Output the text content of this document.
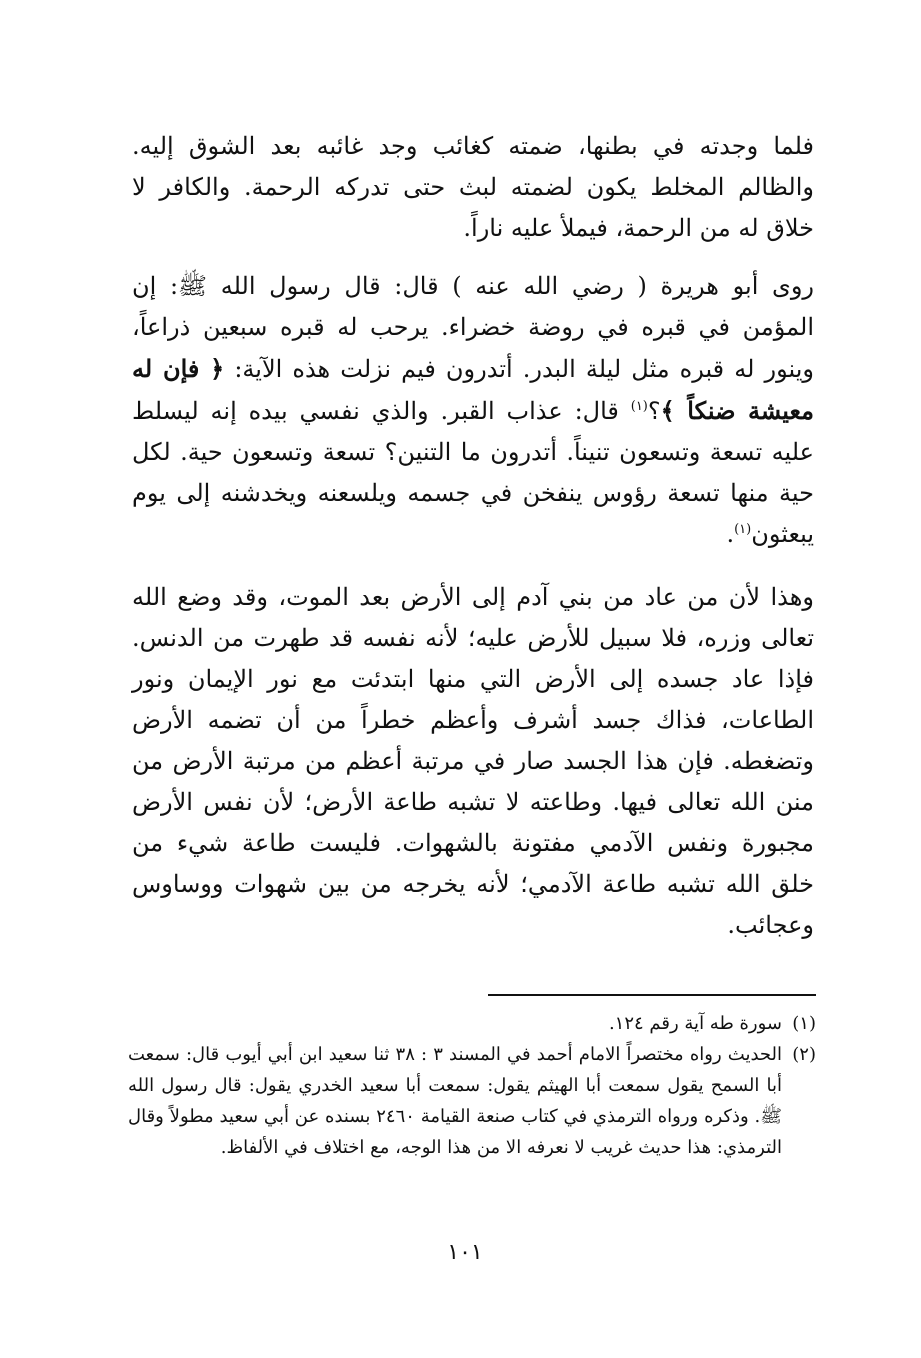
فلما وجدته في بطنها، ضمته كغائب وجد غائبه بعد الشوق إليه. والظالم المخلط يكون لضمته لبث حتى تدركه الرحمة. والكافر لا خلاق له من الرحمة، فيملأ عليه ناراً.

روى أبو هريرة ( رضي الله عنه ) قال: قال رسول الله ﷺ: إن المؤمن في قبره في روضة خضراء. يرحب له قبره سبعين ذراعاً، وينور له قبره مثل ليلة البدر. أتدرون فيم نزلت هذه الآية: ﴿ فإن له معيشة ضنكاً ﴾؟$^{(١)}$ قال: عذاب القبر. والذي نفسي بيده إنه ليسلط عليه تسعة وتسعون تنيناً. أتدرون ما التنين؟ تسعة وتسعون حية. لكل حية منها تسعة رؤوس ينفخن في جسمه ويلسعنه ويخدشنه إلى يوم يبعثون$^{(١)}$.

وهذا لأن من عاد من بني آدم إلى الأرض بعد الموت، وقد وضع الله تعالى وزره، فلا سبيل للأرض عليه؛ لأنه نفسه قد طهرت من الدنس. فإذا عاد جسده إلى الأرض التي منها ابتدئت مع نور الإيمان ونور الطاعات، فذاك جسد أشرف وأعظم خطراً من أن تضمه الأرض وتضغطه. فإن هذا الجسد صار في مرتبة أعظم من مرتبة الأرض من منن الله تعالى فيها. وطاعته لا تشبه طاعة الأرض؛ لأن نفس الأرض مجبورة ونفس الآدمي مفتونة بالشهوات. فليست طاعة شيء من خلق الله تشبه طاعة الآدمي؛ لأنه يخرجه من بين شهوات ووساوس وعجائب.

(١)
سورة طه آية رقم ١٢٤.
(٢)
الحديث رواه مختصراً الامام أحمد في المسند ٣ : ٣٨ ثنا سعيد ابن أبي أيوب قال: سمعت أبا السمح يقول سمعت أبا الهيثم يقول: سمعت أبا سعيد الخدري يقول: قال رسول الله ﷺ. وذكره ورواه الترمذي في كتاب صنعة القيامة ٢٤٦٠ بسنده عن أبي سعيد مطولاً وقال الترمذي: هذا حديث غريب لا نعرفه الا من هذا الوجه، مع اختلاف في الألفاظ.
١٠١
